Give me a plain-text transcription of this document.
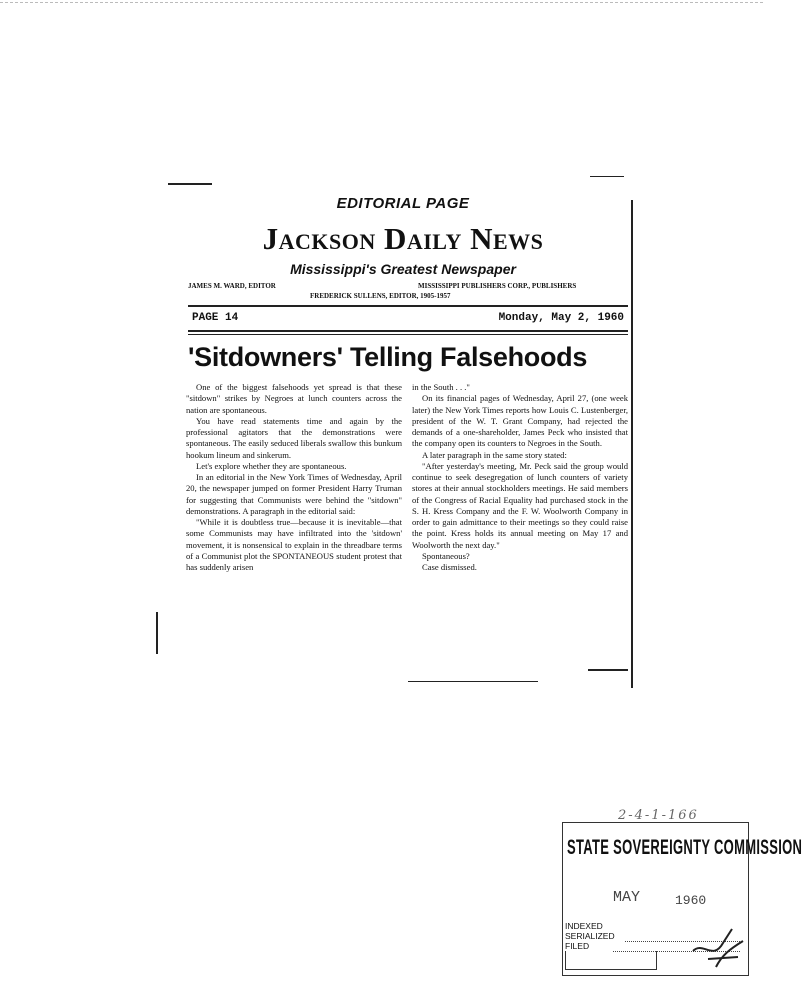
EDITORIAL PAGE
Jackson Daily News
Mississippi's Greatest Newspaper
JAMES M. WARD, EDITOR	MISSISSIPPI PUBLISHERS CORP., PUBLISHERS
FREDERICK SULLENS, EDITOR, 1905-1957
PAGE 14	Monday, May 2, 1960
'Sitdowners' Telling Falsehoods

One of the biggest falsehoods yet spread is that these "sitdown" strikes by Negroes at lunch counters across the nation are spontaneous.

You have read statements time and again by the professional agitators that the demonstrations were spontaneous. The easily seduced liberals swallow this bunkum hookum lineum and sinkerum.

Let's explore whether they are spontaneous.

In an editorial in the New York Times of Wednesday, April 20, the newspaper jumped on former President Harry Truman for suggesting that Communists were behind the "sitdown" demonstrations. A paragraph in the editorial said:

"While it is doubtless true—because it is inevitable—that some Communists may have infiltrated into the 'sitdown' movement, it is nonsensical to explain in the threadbare terms of a Communist plot the SPONTANEOUS student protest that has suddenly arisen

in the South . . ."

On its financial pages of Wednesday, April 27, (one week later) the New York Times reports how Louis C. Lustenberger, president of the W. T. Grant Company, had rejected the demands of a one-shareholder, James Peck who insisted that the company open its counters to Negroes in the South.

A later paragraph in the same story stated:

"After yesterday's meeting, Mr. Peck said the group would continue to seek desegregation of lunch counters of variety stores at their annual stockholders meetings. He said members of the Congress of Racial Equality had purchased stock in the S. H. Kress Company and the F. W. Woolworth Company in order to gain admittance to their meetings so they could raise the point. Kress holds its annual meeting on May 17 and Woolworth the next day."

Spontaneous?

Case dismissed.

2-4-1-166
STATE SOVEREIGNTY COMMISSION
MAY	1960
INDEXED
SERIALIZED
FILED
